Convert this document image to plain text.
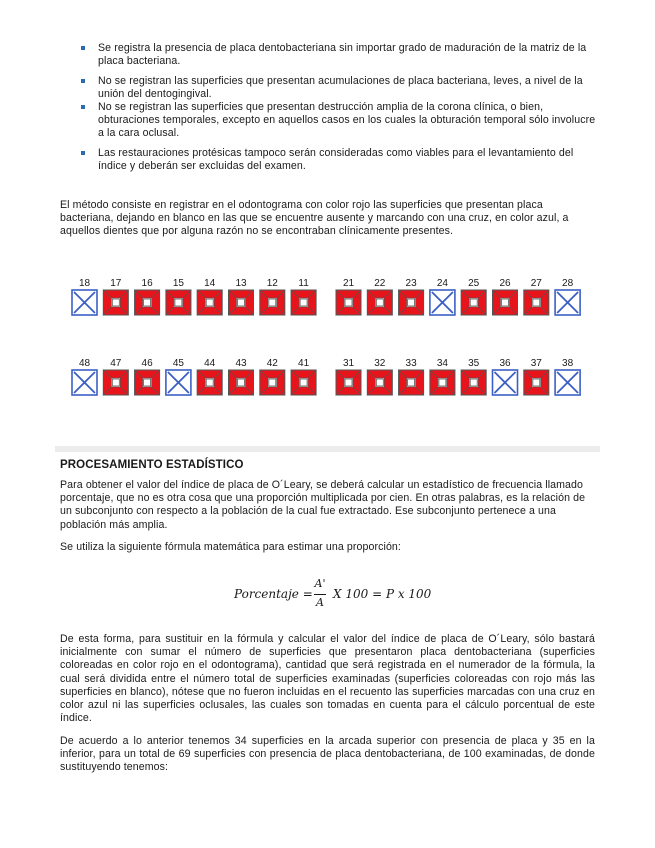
Se registra la presencia de placa dentobacteriana sin importar grado de maduración de la matriz de la placa bacteriana.
No se registran las superficies que presentan acumulaciones de placa bacteriana, leves, a nivel de la unión del dentogingival.
No se registran las superficies que presentan destrucción amplia de la corona clínica, o bien, obturaciones temporales, excepto en aquellos casos en los cuales la obturación temporal sólo involucre a la cara oclusal.
Las restauraciones protésicas tampoco serán consideradas como viables para el levantamiento del índice y deberán ser excluidas del examen.

El método consiste en registrar en el odontograma con color rojo las superficies que presentan placa bacteriana, dejando en blanco en las que se encuentre ausente y marcando con una cruz, en color azul, a aquellos dientes que por alguna razón no se encontraban clínicamente presentes.

18 17 16 15 14 13 12 11	21 22 23 24 25 26 27 28
48 47 46 45 44 43 42 41	31 32 33 34 35 36 37 38
PROCESAMIENTO ESTADÍSTICO

Para obtener el valor del índice de placa de O´Leary, se deberá calcular un estadístico de frecuencia llamado porcentaje, que no es otra cosa que una proporción multiplicada por cien. En otras palabras, es la relación de un subconjunto con respecto a la población de la cual fue extractado. Ese subconjunto pertenece a una población más amplia.

Se utiliza la siguiente fórmula matemática para estimar una proporción:

Porcentaje =
A'
A
X 100 = P x 100

De esta forma, para sustituir en la fórmula y calcular el valor del índice de placa de O´Leary, sólo bastará inicialmente con sumar el número de superficies que presentaron placa dentobacteriana (superficies coloreadas en color rojo en el odontograma), cantidad que será registrada en el numerador de la fórmula, la cual será dividida entre el número total de superficies examinadas (superficies coloreadas con rojo más las superficies en blanco), nótese que no fueron incluidas en el recuento las superficies marcadas con una cruz en color azul ni las superficies oclusales, las cuales son tomadas en cuenta para el cálculo porcentual de este índice.

De acuerdo a lo anterior tenemos 34 superficies en la arcada superior con presencia de placa y 35 en la inferior, para un total de 69 superficies con presencia de placa dentobacteriana, de 100 examinadas, de donde sustituyendo tenemos:
